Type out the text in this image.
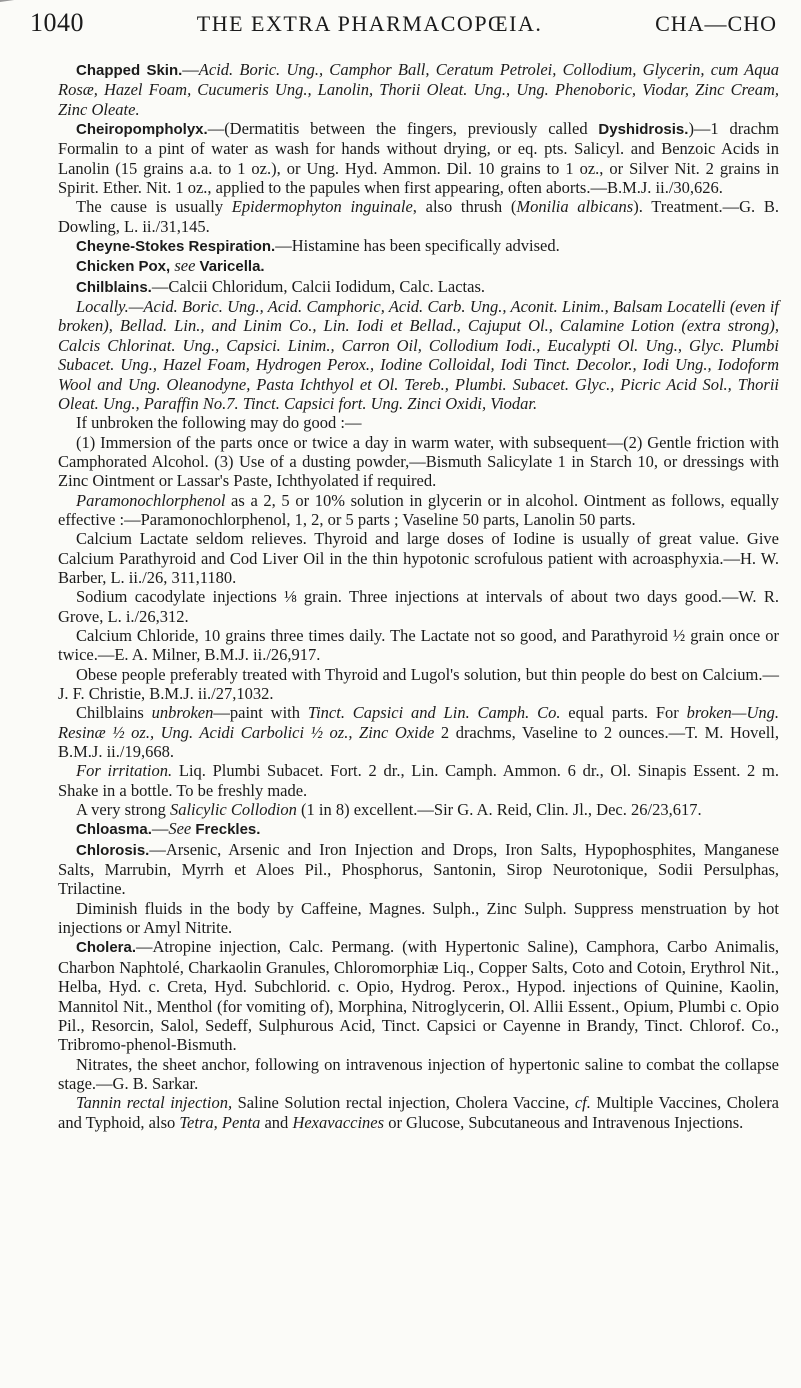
1040	THE EXTRA PHARMACOPŒIA.	CHA—CHO

Chapped Skin.—Acid. Boric. Ung., Camphor Ball, Ceratum Petrolei, Collodium, Glycerin, cum Aqua Rosæ, Hazel Foam, Cucumeris Ung., Lanolin, Thorii Oleat. Ung., Ung. Phenoboric, Viodar, Zinc Cream, Zinc Oleate.

Cheiropompholyx.—(Dermatitis between the fingers, previously called Dyshidrosis.)—1 drachm Formalin to a pint of water as wash for hands without drying, or eq. pts. Salicyl. and Benzoic Acids in Lanolin (15 grains a.a. to 1 oz.), or Ung. Hyd. Ammon. Dil. 10 grains to 1 oz., or Silver Nit. 2 grains in Spirit. Ether. Nit. 1 oz., applied to the papules when first appearing, often aborts.—B.M.J. ii./30,626.

The cause is usually Epidermophyton inguinale, also thrush (Monilia albicans). Treatment.—G. B. Dowling, L. ii./31,145.

Cheyne-Stokes Respiration.—Histamine has been specifically advised.

Chicken Pox, see Varicella.

Chilblains.—Calcii Chloridum, Calcii Iodidum, Calc. Lactas.

Locally.—Acid. Boric. Ung., Acid. Camphoric, Acid. Carb. Ung., Aconit. Linim., Balsam Locatelli (even if broken), Bellad. Lin., and Linim Co., Lin. Iodi et Bellad., Cajuput Ol., Calamine Lotion (extra strong), Calcis Chlorinat. Ung., Capsici. Linim., Carron Oil, Collodium Iodi., Eucalypti Ol. Ung., Glyc. Plumbi Subacet. Ung., Hazel Foam, Hydrogen Perox., Iodine Colloidal, Iodi Tinct. Decolor., Iodi Ung., Iodoform Wool and Ung. Oleanodyne, Pasta Ichthyol et Ol. Tereb., Plumbi. Subacet. Glyc., Picric Acid Sol., Thorii Oleat. Ung., Paraffin No.7. Tinct. Capsici fort. Ung. Zinci Oxidi, Viodar.

If unbroken the following may do good :—

(1) Immersion of the parts once or twice a day in warm water, with subsequent—(2) Gentle friction with Camphorated Alcohol. (3) Use of a dusting powder,—Bismuth Salicylate 1 in Starch 10, or dressings with Zinc Ointment or Lassar's Paste, Ichthyolated if required.

Paramonochlorphenol as a 2, 5 or 10% solution in glycerin or in alcohol. Ointment as follows, equally effective :—Paramonochlorphenol, 1, 2, or 5 parts ; Vaseline 50 parts, Lanolin 50 parts.

Calcium Lactate seldom relieves. Thyroid and large doses of Iodine is usually of great value. Give Calcium Parathyroid and Cod Liver Oil in the thin hypotonic scrofulous patient with acroasphyxia.—H. W. Barber, L. ii./26, 311,1180.

Sodium cacodylate injections ⅛ grain. Three injections at intervals of about two days good.—W. R. Grove, L. i./26,312.

Calcium Chloride, 10 grains three times daily. The Lactate not so good, and Parathyroid ½ grain once or twice.—E. A. Milner, B.M.J. ii./26,917.

Obese people preferably treated with Thyroid and Lugol's solution, but thin people do best on Calcium.—J. F. Christie, B.M.J. ii./27,1032.

Chilblains unbroken—paint with Tinct. Capsici and Lin. Camph. Co. equal parts. For broken—Ung. Resinæ ½ oz., Ung. Acidi Carbolici ½ oz., Zinc Oxide 2 drachms, Vaseline to 2 ounces.—T. M. Hovell, B.M.J. ii./19,668.

For irritation. Liq. Plumbi Subacet. Fort. 2 dr., Lin. Camph. Ammon. 6 dr., Ol. Sinapis Essent. 2 m. Shake in a bottle. To be freshly made.

A very strong Salicylic Collodion (1 in 8) excellent.—Sir G. A. Reid, Clin. Jl., Dec. 26/23,617.

Chloasma.—See Freckles.

Chlorosis.—Arsenic, Arsenic and Iron Injection and Drops, Iron Salts, Hypophosphites, Manganese Salts, Marrubin, Myrrh et Aloes Pil., Phosphorus, Santonin, Sirop Neurotonique, Sodii Persulphas, Trilactine.

Diminish fluids in the body by Caffeine, Magnes. Sulph., Zinc Sulph. Suppress menstruation by hot injections or Amyl Nitrite.

Cholera.—Atropine injection, Calc. Permang. (with Hypertonic Saline), Camphora, Carbo Animalis, Charbon Naphtolé, Charkaolin Granules, Chloromorphiæ Liq., Copper Salts, Coto and Cotoin, Erythrol Nit., Helba, Hyd. c. Creta, Hyd. Subchlorid. c. Opio, Hydrog. Perox., Hypod. injections of Quinine, Kaolin, Mannitol Nit., Menthol (for vomiting of), Morphina, Nitroglycerin, Ol. Allii Essent., Opium, Plumbi c. Opio Pil., Resorcin, Salol, Sedeff, Sulphurous Acid, Tinct. Capsici or Cayenne in Brandy, Tinct. Chlorof. Co., Tribromo-phenol-Bismuth.

Nitrates, the sheet anchor, following on intravenous injection of hypertonic saline to combat the collapse stage.—G. B. Sarkar.

Tannin rectal injection, Saline Solution rectal injection, Cholera Vaccine, cf. Multiple Vaccines, Cholera and Typhoid, also Tetra, Penta and Hexavaccines or Glucose, Subcutaneous and Intravenous Injections.
